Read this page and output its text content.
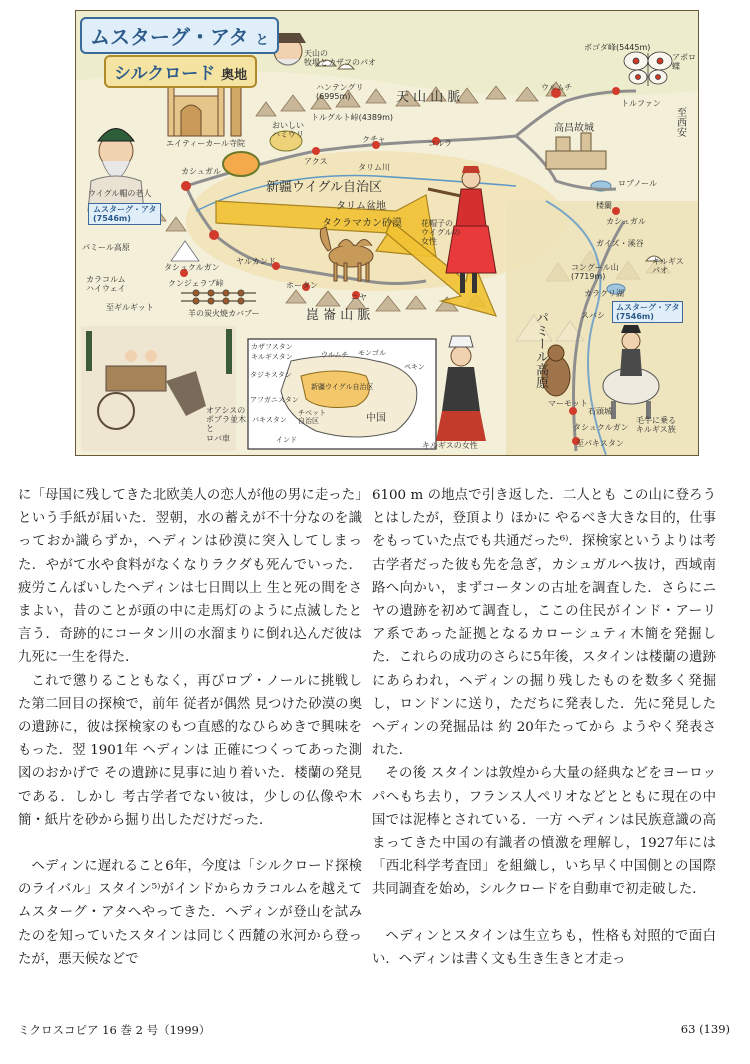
ムスターグ・アタ と
シルクロード 奥地
天山の
牧場とカザフのパオ
ボゴダ峰(5445m)
ウルムチ
アポロ
蝶
トルファン
至西安
ハンテングリ
(6995m)
トルグルト峠(4389m)
天 山 山 脈
高昌故城
おいしい
ハミウリ
エイティーカール寺院
カシュガル
アクス
クチャ	コルラ
タリム川
ロプノール
新疆ウイグル自治区
タリム盆地
タクラマカン砂漠
楼蘭
ウイグル帽の老人
ムスターグ・アタ
(7546m)
パミール高原
花帽子の
ウイグルの
女性
ヤルカンド
タシュクルガン
クンジェラブ峠
カラコルム
ハイウェイ
至ギルギット
ホータン
ニヤ
羊の炭火焼カバブー	崑 崙 山 脈
オアシスの
ポプラ並木
と
ロバ車
カシュガル
ガイズ・溪谷
コングール山
(7719m)
キルギス
パオ
カラクリ湖
スバシ
ムスターグ・アタ
(7546m)
パミール高原
マーモット
石頭城
タシュクルガン
至パキスタン
毛牛に乗る
キルギス族
キルギスの女性
カザフスタン
キルギスタン
タジキスタン
アフガニスタン
パキスタン
モンゴル
ウルムチ
新疆ウイグル自治区
ペキン
チベット
自治区	中国
インド

に「母国に残してきた北欧美人の恋人が他の男に走った」という手紙が届いた．翌朝，水の蓄えが不十分なのを識っておか識らずか，ヘディンは砂漠に突入してしまった．やがて水や食料がなくなりラクダも死んでいった．疲労こんばいしたヘディンは七日間以上 生と死の間をさまよい，昔のことが頭の中に走馬灯のように点滅したと言う．奇跡的にコータン川の水溜まりに倒れ込んだ彼は九死に一生を得た．

これで懲りることもなく，再びロプ・ノールに挑戦した第二回目の探検で，前年 従者が偶然 見つけた砂漠の奥の遺跡に，彼は探検家のもつ直感的なひらめきで興味をもった．翌 1901年 ヘディンは 正確につくってあった測図のおかげで その遺跡に見事に辿り着いた．楼蘭の発見である．しかし 考古学者でない彼は，少しの仏像や木簡・紙片を砂から掘り出しただけだった．

ヘディンに遅れること6年，今度は「シルクロード探検のライバル」スタイン⁵⁾がインドからカラコルムを越えて ムスターグ・アタへやってきた．ヘディンが登山を試みたのを知っていたスタインは同じく西麓の氷河から登ったが，悪天候などで

6100 m の地点で引き返した．二人とも この山に登ろうとはしたが，登頂より ほかに やるべき大きな目的，仕事をもっていた点でも共通だった⁶⁾．探検家というよりは考古学者だった彼も先を急ぎ，カシュガルへ抜け，西域南路へ向かい，まずコータンの古址を調査した．さらにニヤの遺跡を初めて調査し，ここの住民がインド・アーリア系であった証拠となるカローシュティ木簡を発掘した．これらの成功のさらに5年後，スタインは楼蘭の遺跡にあらわれ，ヘディンの掘り残したものを数多く発掘し，ロンドンに送り，ただちに発表した．先に発見したヘディンの発掘品は 約 20年たってから ようやく発表された．

その後 スタインは敦煌から大量の経典などをヨーロッパへもち去り，フランス人ペリオなどとともに現在の中国では泥棒とされている．一方 ヘディンは民族意識の高まってきた中国の有識者の憤激を理解し，1927年には「西北科学考査団」を組織し，いち早く中国側との国際共同調査を始め，シルクロードを自動車で初走破した．

ヘディンとスタインは生立ちも，性格も対照的で面白い．ヘディンは書く文も生き生きと才走っ

ミクロスコピア 16 巻 2 号（1999）	63 (139)
